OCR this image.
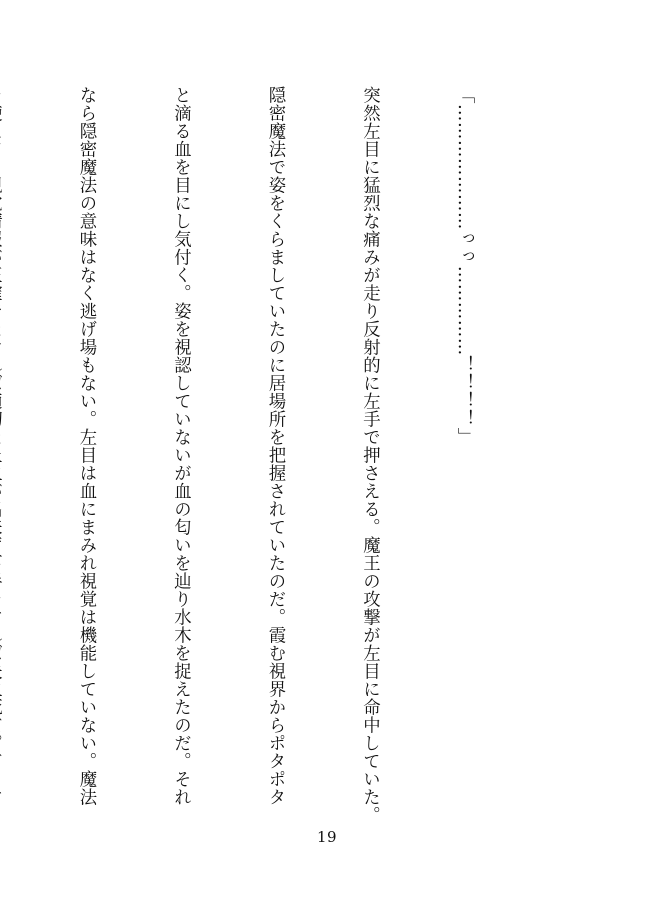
「…………………っっ……………！！！！」

突然左目に猛烈な痛みが走り反射的に左手で押さえる。魔王の攻撃が左目に命中していた。

隠密魔法で姿をくらましていたのに居場所を把握されていたのだ。霞む視界からポタポタ

と滴る血を目にし気付く。姿を視認していないが血の匂いを辿り水木を捉えたのだ。それ

なら隠密魔法の意味はなく逃げ場もない。左目は血にまみれ視覚は機能していない。魔法

19
